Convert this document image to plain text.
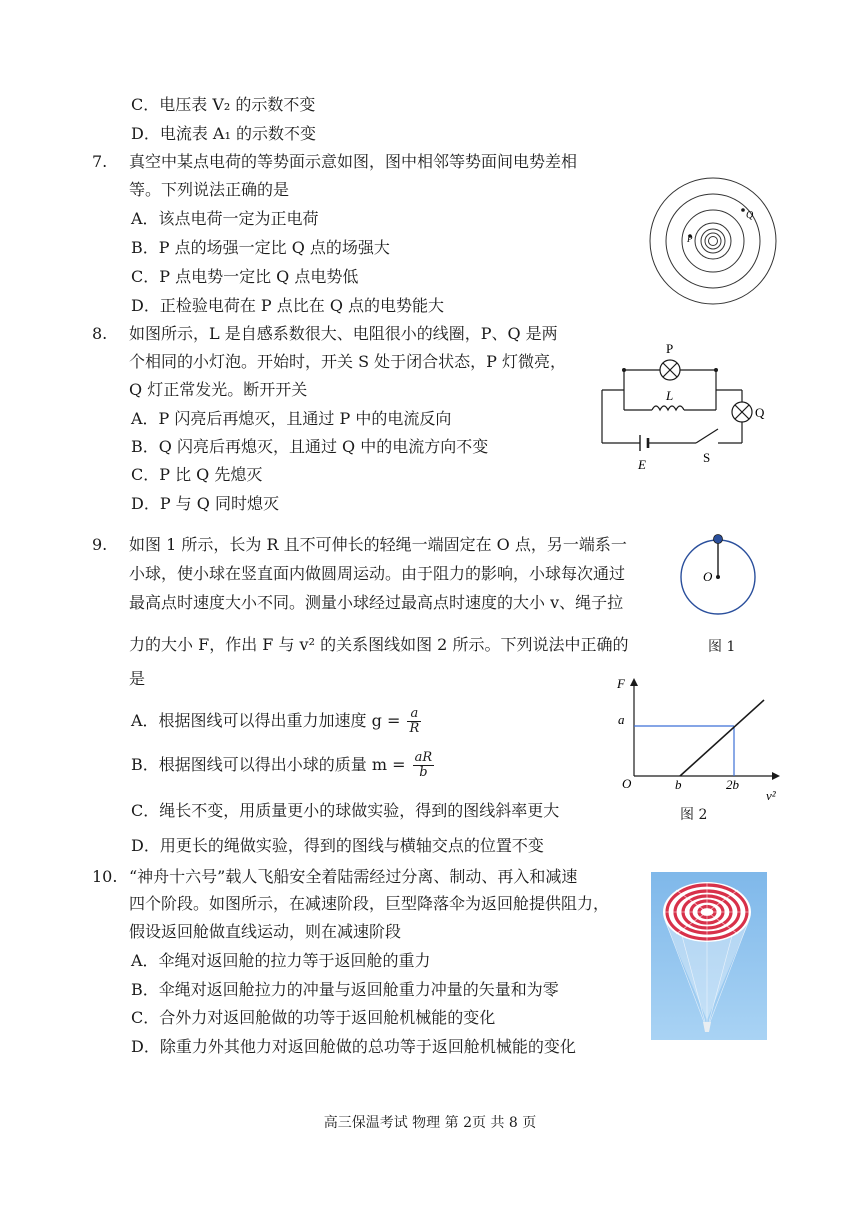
C．电压表 V₂ 的示数不变
D．电流表 A₁ 的示数不变
7. 真空中某点电荷的等势面示意如图，图中相邻等势面间电势差相
等。下列说法正确的是
A．该点电荷一定为正电荷
B．P 点的场强一定比 Q 点的场强大
C．P 点电势一定比 Q 点电势低
D．正检验电荷在 P 点比在 Q 点的电势能大
P
Q
8. 如图所示，L 是自感系数很大、电阻很小的线圈，P、Q 是两
个相同的小灯泡。开始时，开关 S 处于闭合状态，P 灯微亮，
Q 灯正常发光。断开开关
A．P 闪亮后再熄灭，且通过 P 中的电流反向
B．Q 闪亮后再熄灭，且通过 Q 中的电流方向不变
C．P 比 Q 先熄灭
D．P 与 Q 同时熄灭
P
Q
L
E	S
9. 如图 1 所示，长为 R 且不可伸长的轻绳一端固定在 O 点，另一端系一
小球，使小球在竖直面内做圆周运动。由于阻力的影响，小球每次通过
最高点时速度大小不同。测量小球经过最高点时速度的大小 v、绳子拉
力的大小 F，作出 F 与 v² 的关系图线如图 2 所示。下列说法中正确的
是
A．根据图线可以得出重力加速度 $g = \frac{a}{R}$
B．根据图线可以得出小球的质量 $m = \frac{aR}{b}$
C．绳长不变，用质量更小的球做实验，得到的图线斜率更大
D．用更长的绳做实验，得到的图线与横轴交点的位置不变
O
图 1
F
a
O	b	2b
v²
图 2
10. “神舟十六号”载人飞船安全着陆需经过分离、制动、再入和减速
四个阶段。如图所示，在减速阶段，巨型降落伞为返回舱提供阻力，
假设返回舱做直线运动，则在减速阶段
A．伞绳对返回舱的拉力等于返回舱的重力
B．伞绳对返回舱拉力的冲量与返回舱重力冲量的矢量和为零
C．合外力对返回舱做的功等于返回舱机械能的变化
D．除重力外其他力对返回舱做的总功等于返回舱机械能的变化
高三保温考试 物理 第 2页 共 8 页
